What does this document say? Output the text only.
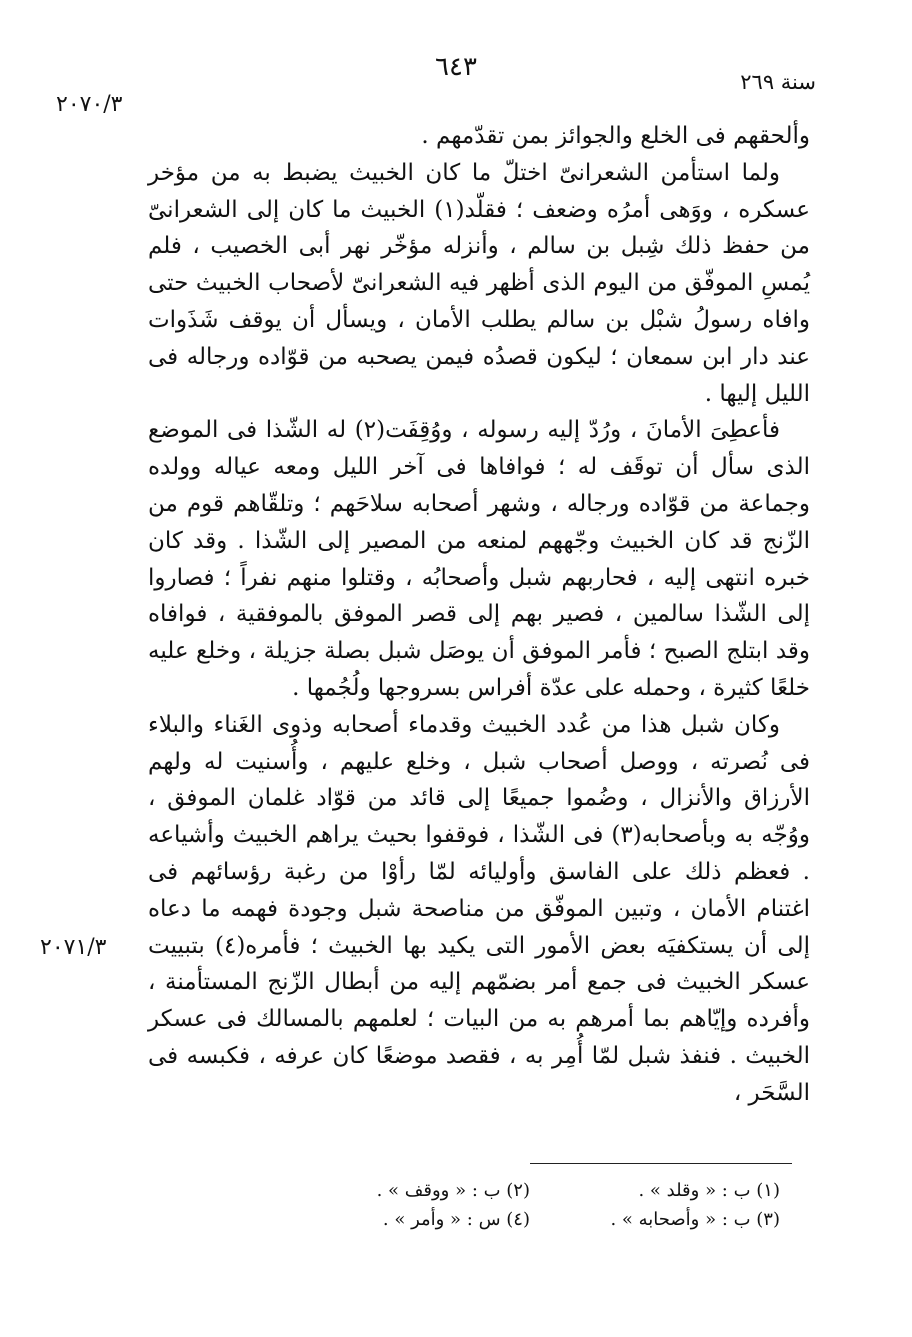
٦٤٣	سنة ٢٦٩
٢٠٧٠/٣
٢٠٧١/٣

وألحقهم فى الخلع والجوائز بمن تقدّمهم .

ولما استأمن الشعرانىّ اختلّ ما كان الخبيث يضبط به من مؤخر عسكره ، ووَهى أمرُه وضعف ؛ فقلّد(١) الخبيث ما كان إلى الشعرانىّ من حفظ ذلك شِبل بن سالم ، وأنزله مؤخّر نهر أبى الخصيب ، فلم يُمسِ الموفّق من اليوم الذى أظهر فيه الشعرانىّ لأصحاب الخبيث حتى وافاه رسولُ شبْل بن سالم يطلب الأمان ، ويسأل أن يوقف شَذَوات عند دار ابن سمعان ؛ ليكون قصدُه فيمن يصحبه من قوّاده ورجاله فى الليل إليها .

فأعطِىَ الأمانَ ، ورُدّ إليه رسوله ، ووُقِفَت(٢) له الشّذا فى الموضع الذى سأل أن توقَف له ؛ فوافاها فى آخر الليل ومعه عياله وولده وجماعة من قوّاده ورجاله ، وشهر أصحابه سلاحَهم ؛ وتلقّاهم قوم من الزّنج قد كان الخبيث وجّههم لمنعه من المصير إلى الشّذا . وقد كان خبره انتهى إليه ، فحاربهم شبل وأصحابُه ، وقتلوا منهم نفراً ؛ فصاروا إلى الشّذا سالمين ، فصير بهم إلى قصر الموفق بالموفقية ، فوافاه وقد ابتلج الصبح ؛ فأمر الموفق أن يوصَل شبل بصلة جزيلة ، وخلع عليه خلعًا كثيرة ، وحمله على عدّة أفراس بسروجها ولُجُمها .

وكان شبل هذا من عُدد الخبيث وقدماء أصحابه وذوى الغَناء والبلاء فى نُصرته ، ووصل أصحاب شبل ، وخلع عليهم ، وأُسنيت له ولهم الأرزاق والأنزال ، وضُموا جميعًا إلى قائد من قوّاد غلمان الموفق ، ووُجّه به وبأصحابه(٣) فى الشّذا ، فوقفوا بحيث يراهم الخبيث وأشياعه . فعظم ذلك على الفاسق وأوليائه لمّا رأوْا من رغبة رؤسائهم فى اغتنام الأمان ، وتبين الموفّق من مناصحة شبل وجودة فهمه ما دعاه إلى أن يستكفيَه بعض الأمور التى يكيد بها الخبيث ؛ فأمره(٤) بتبييت عسكر الخبيث فى جمع أمر بضمّهم إليه من أبطال الزّنج المستأمنة ، وأفرده وإيّاهم بما أمرهم به من البيات ؛ لعلمهم بالمسالك فى عسكر الخبيث . فنفذ شبل لمّا أُمِر به ، فقصد موضعًا كان عرفه ، فكبسه فى السَّحَر ،

(١) ب : « وقلد » .
(٢) ب : « ووقف » .
(٣) ب : « وأصحابه » .
(٤) س : « وأمر » .
